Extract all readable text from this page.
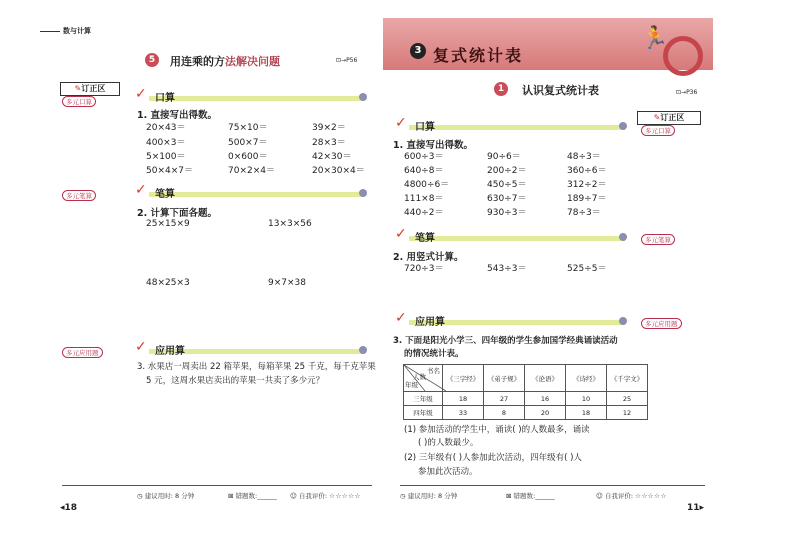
数与计算
5	用连乘的方法解决问题	⊡→P56
✎订正区
多元口算
多元笔算
多元应用题
✓ 口算
1. 直接写出得数。
20×43＝	75×10＝	39×2＝
400×3＝	500×7＝	28×3＝
5×100＝	0×600＝	42×30＝
50×4×7＝	70×2×4＝	20×30×4＝
✓ 笔算
2. 计算下面各题。
25×15×9	13×3×56
48×25×3	9×7×38
✓ 应用算
3. 水果店一周卖出 22 箱苹果，每箱苹果 25 千克，每千克苹果
5 元，这周水果店卖出的苹果一共卖了多少元？
◷ 建议用时: 8 分钟	⊠ 错题数:______ ☺ 自我评价: ☆☆☆☆☆
◂18
3 复式统计表
🏃
1	认识复式统计表	⊡→P36
✎订正区
多元口算
多元笔算
多元应用题
✓ 口算
1. 直接写出得数。
600÷3＝	90÷6＝	48÷3＝
640÷8＝	200÷2＝	360÷6＝
4800÷6＝	450÷5＝	312÷2＝
111×8＝	630÷7＝	189÷7＝
440÷2＝	930÷3＝	78÷3＝
✓ 笔算
2. 用竖式计算。
720÷3＝	543÷3＝	525÷5＝
✓ 应用算
3. 下面是阳光小学三、四年级的学生参加国学经典诵读活动
的情况统计表。
书名
人数
年级	《三字经》	《弟子规》	《论语》	《诗经》	《千字文》
三年级	18	27	16	10	25
四年级	33	8	20	18	12
(1) 参加活动的学生中，诵读( )的人数最多，诵读
( )的人数最少。
(2) 三年级有( )人参加此次活动，四年级有( )人
参加此次活动。
◷ 建议用时: 8 分钟	⊠ 错题数:______	☺ 自我评价: ☆☆☆☆☆
11▸
